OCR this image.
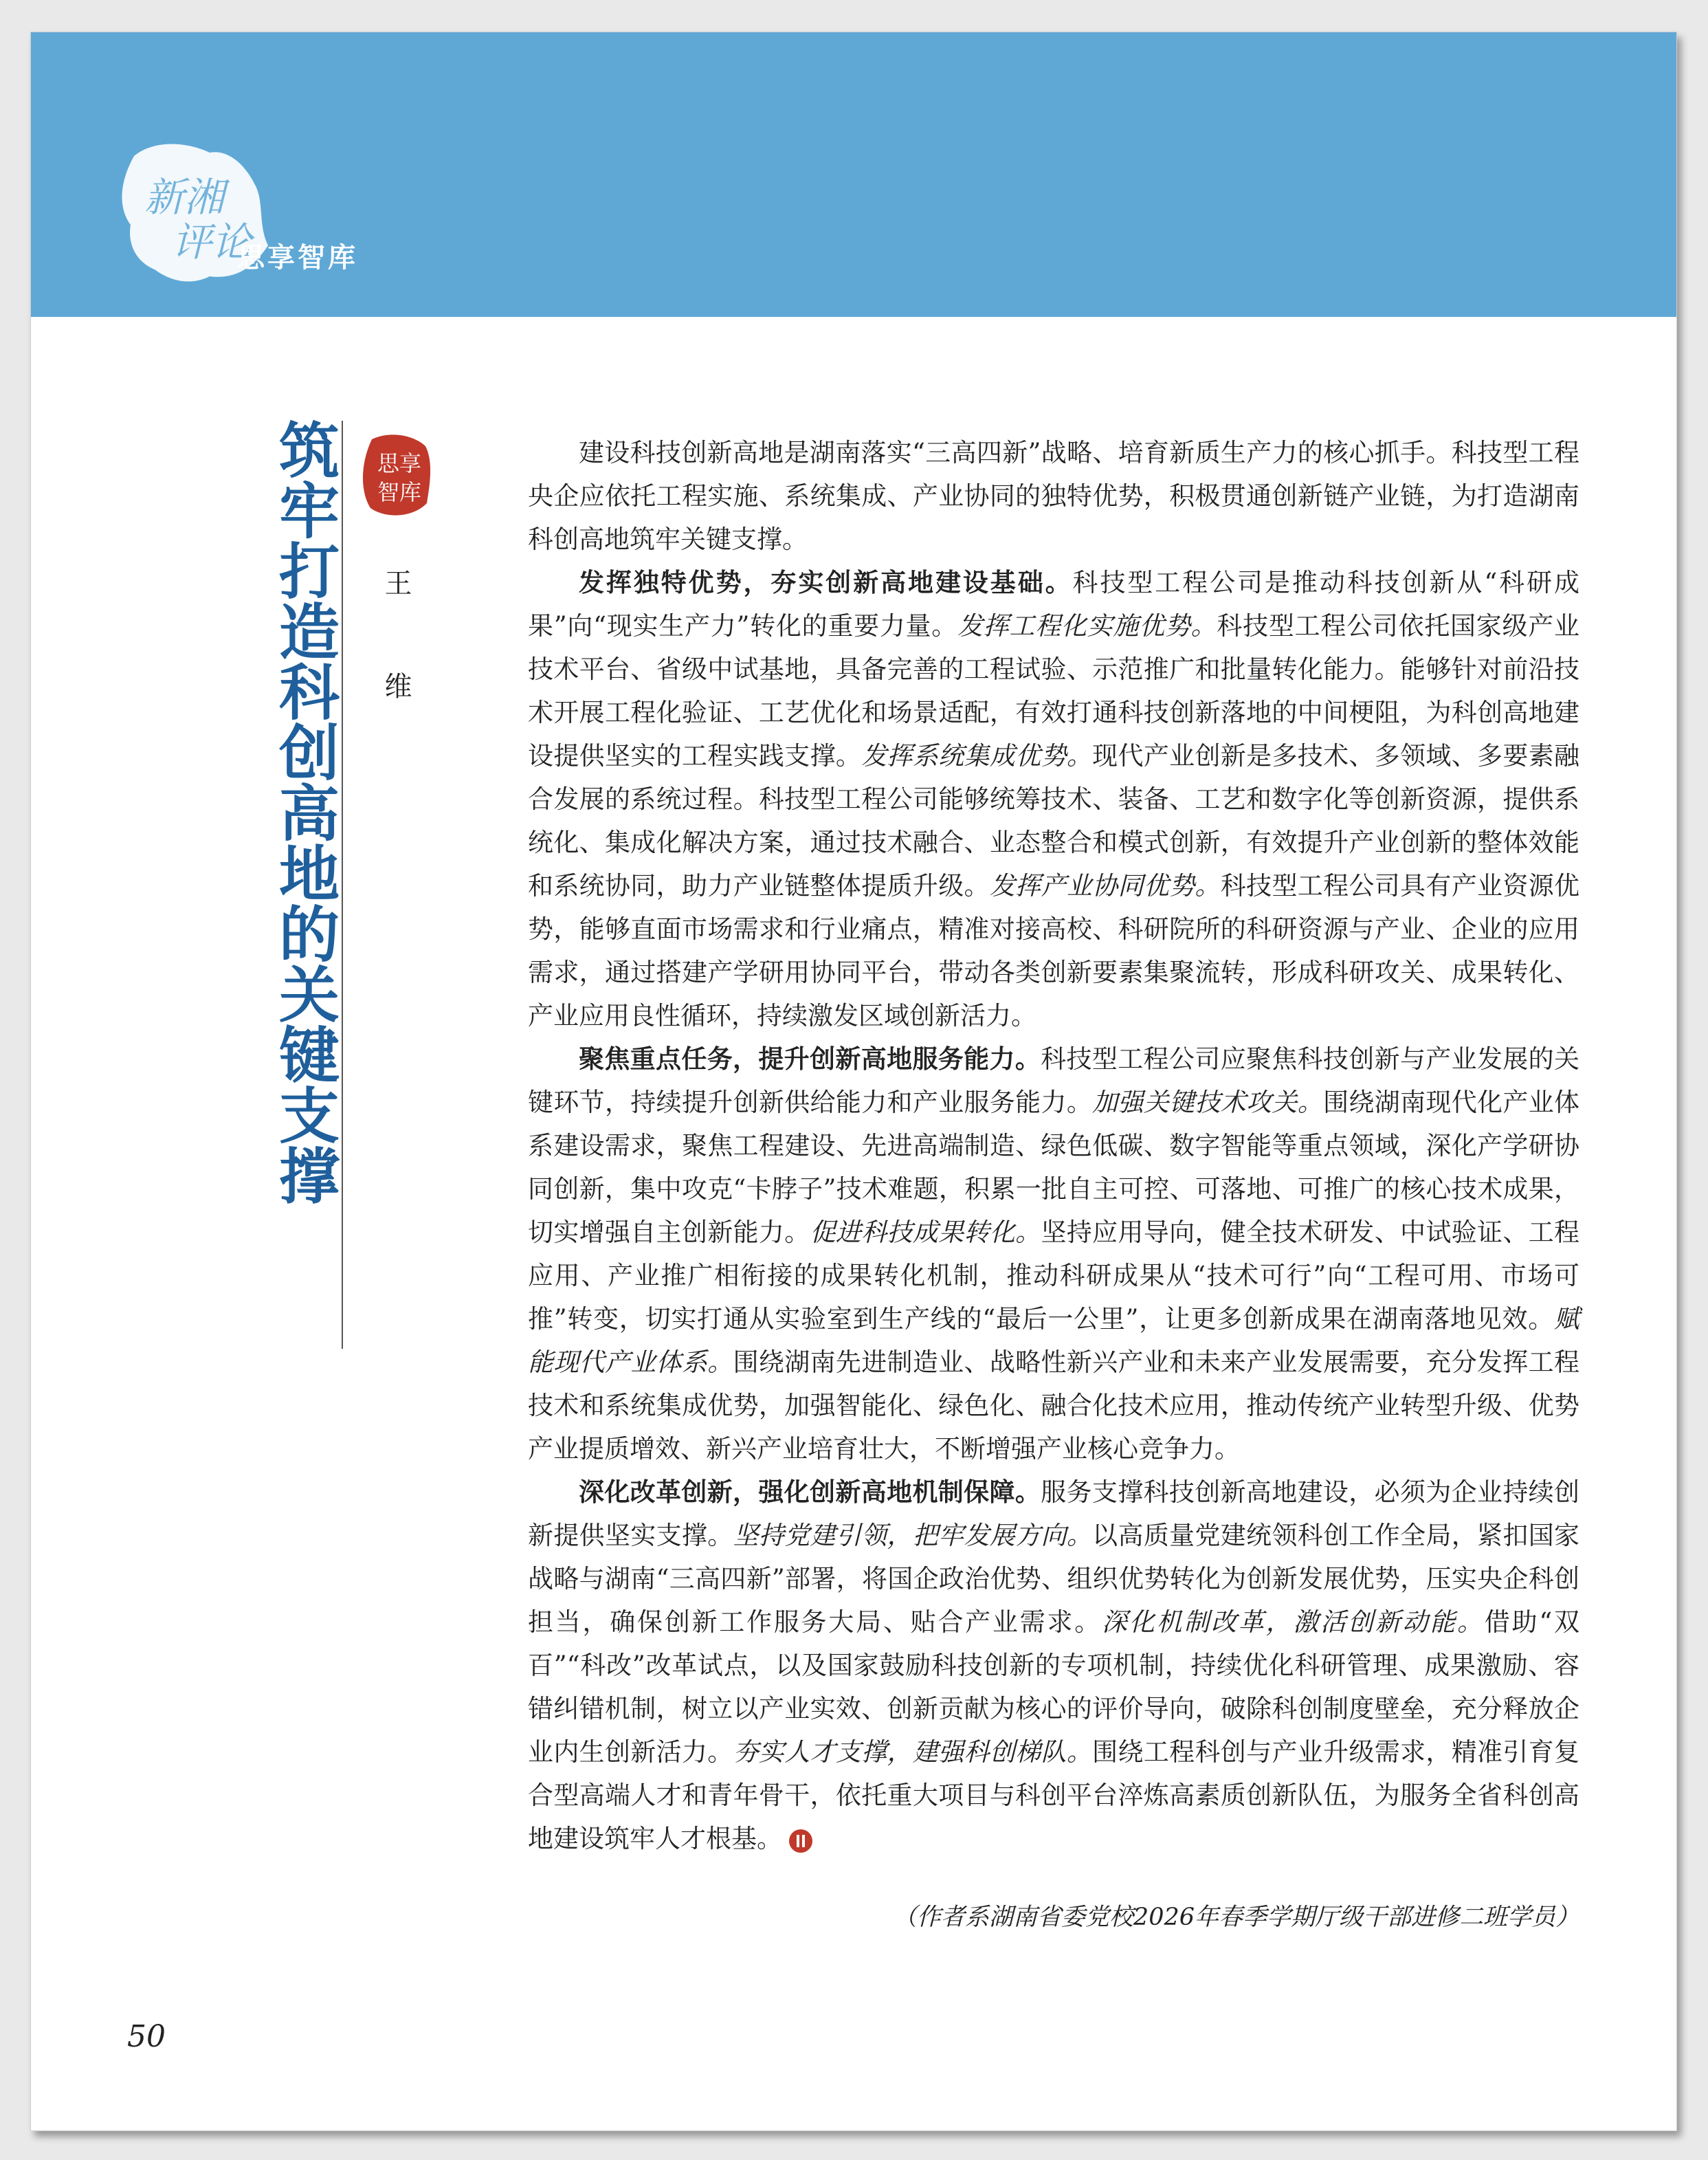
新湘
评论
思享智库
筑牢打造科创高地的关键支撑 思享
智库
王 维

建设科技创新高地是湖南落实“三高四新”战略、培育新质生产力的核心抓手。科技型工程央企应依托工程实施、系统集成、产业协同的独特优势，积极贯通创新链产业链，为打造湖南科创高地筑牢关键支撑。

发挥独特优势，夯实创新高地建设基础。科技型工程公司是推动科技创新从“科研成果”向“现实生产力”转化的重要力量。发挥工程化实施优势。科技型工程公司依托国家级产业技术平台、省级中试基地，具备完善的工程试验、示范推广和批量转化能力。能够针对前沿技术开展工程化验证、工艺优化和场景适配，有效打通科技创新落地的中间梗阻，为科创高地建设提供坚实的工程实践支撑。发挥系统集成优势。现代产业创新是多技术、多领域、多要素融合发展的系统过程。科技型工程公司能够统筹技术、装备、工艺和数字化等创新资源，提供系统化、集成化解决方案，通过技术融合、业态整合和模式创新，有效提升产业创新的整体效能和系统协同，助力产业链整体提质升级。发挥产业协同优势。科技型工程公司具有产业资源优势，能够直面市场需求和行业痛点，精准对接高校、科研院所的科研资源与产业、企业的应用需求，通过搭建产学研用协同平台，带动各类创新要素集聚流转，形成科研攻关、成果转化、产业应用良性循环，持续激发区域创新活力。

聚焦重点任务，提升创新高地服务能力。科技型工程公司应聚焦科技创新与产业发展的关键环节，持续提升创新供给能力和产业服务能力。加强关键技术攻关。围绕湖南现代化产业体系建设需求，聚焦工程建设、先进高端制造、绿色低碳、数字智能等重点领域，深化产学研协同创新，集中攻克“卡脖子”技术难题，积累一批自主可控、可落地、可推广的核心技术成果，切实增强自主创新能力。促进科技成果转化。坚持应用导向，健全技术研发、中试验证、工程应用、产业推广相衔接的成果转化机制，推动科研成果从“技术可行”向“工程可用、市场可推”转变，切实打通从实验室到生产线的“最后一公里”，让更多创新成果在湖南落地见效。赋能现代产业体系。围绕湖南先进制造业、战略性新兴产业和未来产业发展需要，充分发挥工程技术和系统集成优势，加强智能化、绿色化、融合化技术应用，推动传统产业转型升级、优势产业提质增效、新兴产业培育壮大，不断增强产业核心竞争力。

深化改革创新，强化创新高地机制保障。服务支撑科技创新高地建设，必须为企业持续创新提供坚实支撑。坚持党建引领，把牢发展方向。以高质量党建统领科创工作全局，紧扣国家战略与湖南“三高四新”部署，将国企政治优势、组织优势转化为创新发展优势，压实央企科创担当，确保创新工作服务大局、贴合产业需求。深化机制改革，激活创新动能。借助“双百”“科改”改革试点，以及国家鼓励科技创新的专项机制，持续优化科研管理、成果激励、容错纠错机制，树立以产业实效、创新贡献为核心的评价导向，破除科创制度壁垒，充分释放企业内生创新活力。夯实人才支撑，建强科创梯队。围绕工程科创与产业升级需求，精准引育复合型高端人才和青年骨干，依托重大项目与科创平台淬炼高素质创新队伍，为服务全省科创高地建设筑牢人才根基。

（作者系湖南省委党校2026年春季学期厅级干部进修二班学员）
50
